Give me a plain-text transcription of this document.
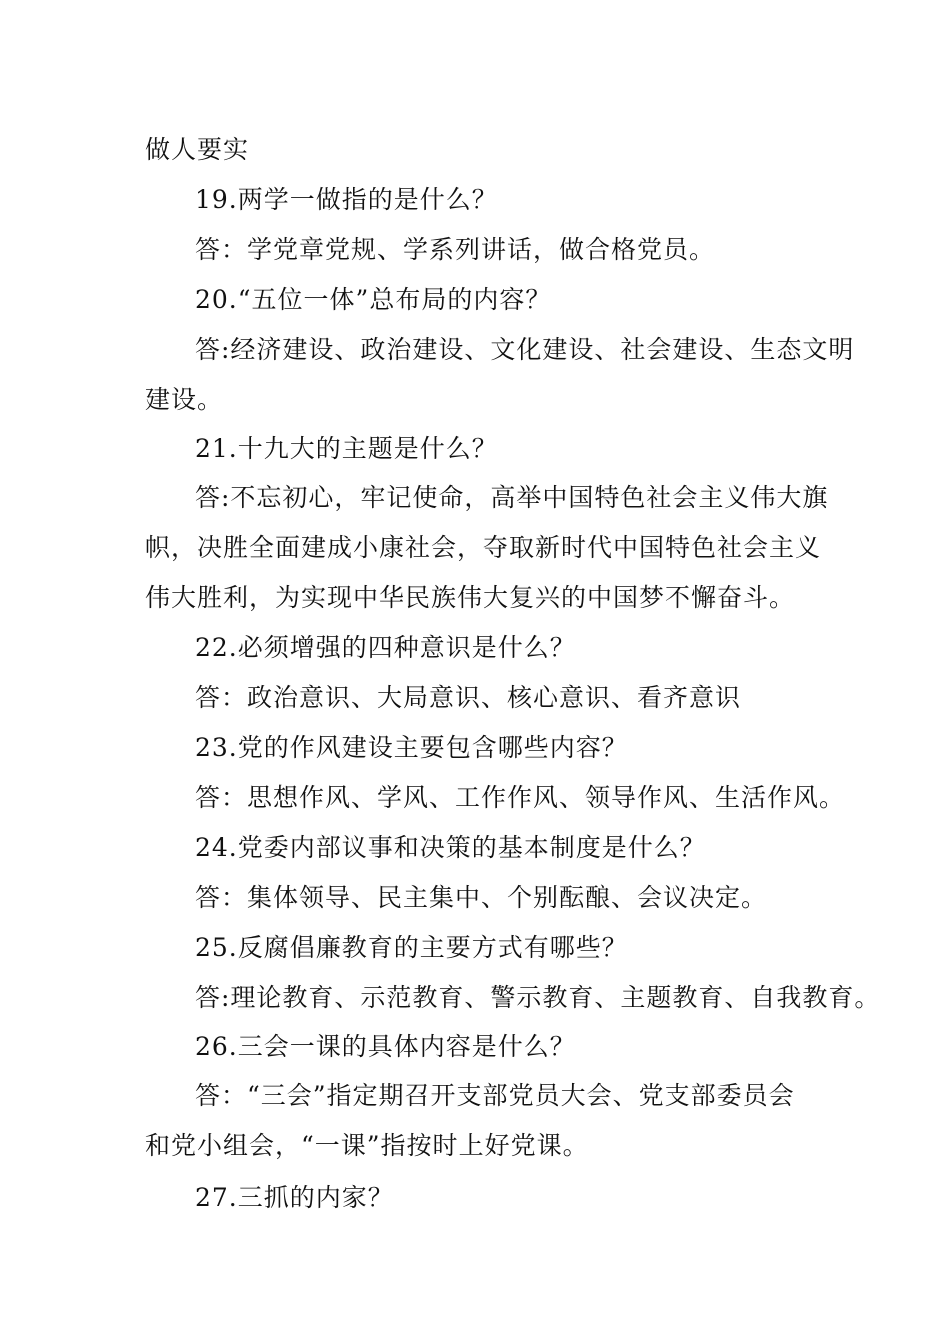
做人要实
19.两学一做指的是什么？
答：学党章党规、学系列讲话，做合格党员。
20.“五位一体”总布局的内容？
答:经济建设、政治建设、文化建设、社会建设、生态文明
建设。
21.十九大的主题是什么？
答:不忘初心，牢记使命，高举中国特色社会主义伟大旗
帜，决胜全面建成小康社会，夺取新时代中国特色社会主义
伟大胜利，为实现中华民族伟大复兴的中国梦不懈奋斗。
22.必须增强的四种意识是什么？
答：政治意识、大局意识、核心意识、看齐意识
23.党的作风建设主要包含哪些内容？
答：思想作风、学风、工作作风、领导作风、生活作风。
24.党委内部议事和决策的基本制度是什么？
答：集体领导、民主集中、个别酝酿、会议决定。
25.反腐倡廉教育的主要方式有哪些？
答:理论教育、示范教育、警示教育、主题教育、自我教育。
26.三会一课的具体内容是什么？
答：“三会”指定期召开支部党员大会、党支部委员会
和党小组会，“一课”指按时上好党课。
27.三抓的内家？
